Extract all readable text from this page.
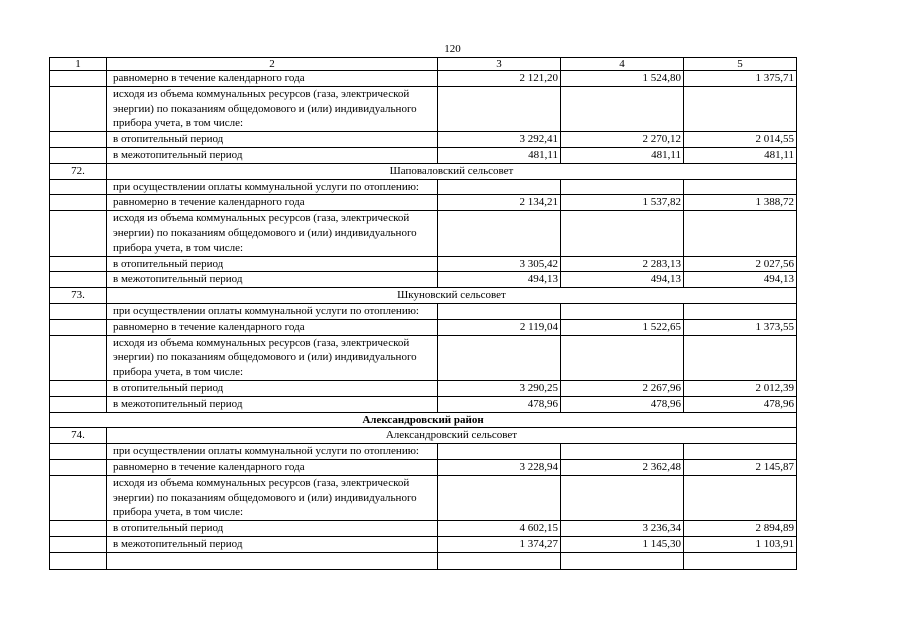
120
1	2	3	4	5
	равномерно в течение календарного года	2 121,20	1 524,80	1 375,71
	исходя из объема коммунальных ресурсов (газа, электрической энергии) по показаниям общедомового и (или) индивидуального прибора учета, в том числе:			
	в отопительный период	3 292,41	2 270,12	2 014,55
	в межотопительный период	481,11	481,11	481,11
72.	Шаповаловский сельсовет			
	при осуществлении оплаты коммунальной услуги по отоплению:			
	равномерно в течение календарного года	2 134,21	1 537,82	1 388,72
	исходя из объема коммунальных ресурсов (газа, электрической энергии) по показаниям общедомового и (или) индивидуального прибора учета, в том числе:			
	в отопительный период	3 305,42	2 283,13	2 027,56
	в межотопительный период	494,13	494,13	494,13
73.	Шкуновский сельсовет			
	при осуществлении оплаты коммунальной услуги по отоплению:			
	равномерно в течение календарного года	2 119,04	1 522,65	1 373,55
	исходя из объема коммунальных ресурсов (газа, электрической энергии) по показаниям общедомового и (или) индивидуального прибора учета, в том числе:			
	в отопительный период	3 290,25	2 267,96	2 012,39
	в межотопительный период	478,96	478,96	478,96
Александровский район				
74.	Александровский сельсовет			
	при осуществлении оплаты коммунальной услуги по отоплению:			
	равномерно в течение календарного года	3 228,94	2 362,48	2 145,87
	исходя из объема коммунальных ресурсов (газа, электрической энергии) по показаниям общедомового и (или) индивидуального прибора учета, в том числе:			
	в отопительный период	4 602,15	3 236,34	2 894,89
	в межотопительный период	1 374,27	1 145,30	1 103,91
